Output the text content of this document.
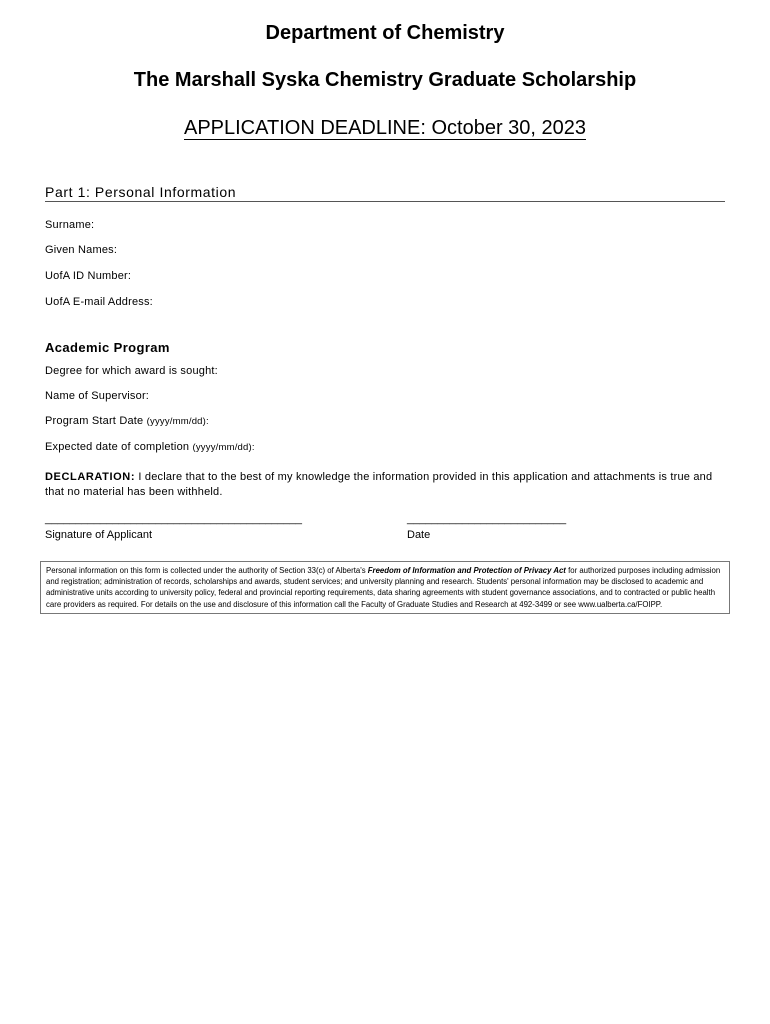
Department of Chemistry
The Marshall Syska Chemistry Graduate Scholarship
APPLICATION DEADLINE: October 30, 2023
Part 1: Personal Information
Surname:
Given Names:
UofA ID Number:
UofA E-mail Address:
Academic Program
Degree for which award is sought:
Name of Supervisor:
Program Start Date (yyyy/mm/dd):
Expected date of completion (yyyy/mm/dd):
DECLARATION: I declare that to the best of my knowledge the information provided in this application and attachments is true and that no material has been withheld.
__________________________________________	__________________________
Signature of Applicant	Date
Personal information on this form is collected under the authority of Section 33(c) of Alberta's Freedom of Information and Protection of Privacy Act for authorized purposes including admission and registration; administration of records, scholarships and awards, student services; and university planning and research. Students' personal information may be disclosed to academic and administrative units according to university policy, federal and provincial reporting requirements, data sharing agreements with student governance associations, and to contracted or public health care providers as required. For details on the use and disclosure of this information call the Faculty of Graduate Studies and Research at 492-3499 or see www.ualberta.ca/FOIPP.
